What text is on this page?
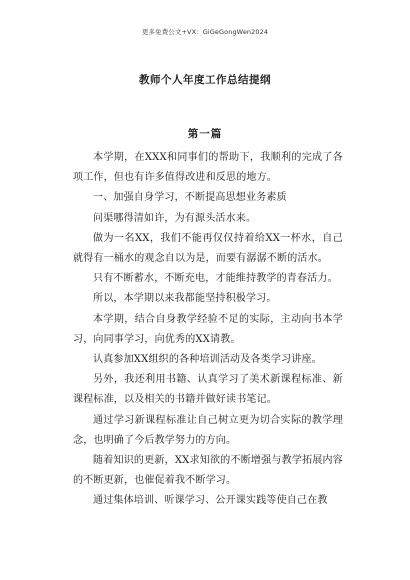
更多免费公文+VX：GiGeGongWen2024
教师个人年度工作总结提纲
第一篇

本学期，在XXX和同事们的帮助下，我顺利的完成了各项工作，但也有许多值得改进和反思的地方。

一、加强自身学习，不断提高思想业务素质

问渠哪得清如许，为有源头活水来。

做为一名XX，我们不能再仅仅持着给XX一杯水，自己就得有一桶水的观念自以为是，而要有潺潺不断的活水。

只有不断蓄水，不断充电，才能维持教学的青春活力。

所以，本学期以来我都能坚持积极学习。

本学期，结合自身教学经验不足的实际，主动向书本学习，向同事学习，向优秀的XX请教。

认真参加XX组织的各种培训活动及各类学习讲座。

另外，我还利用书籍、认真学习了美术新课程标准、新课程标准，以及相关的书籍并做好读书笔记。

通过学习新课程标准让自己树立更为切合实际的教学理念，也明确了今后教学努力的方向。

随着知识的更新，XX求知欲的不断增强与教学拓展内容的不断更新，也催促着我不断学习。

通过集体培训、听课学习、公开课实践等使自己在教
